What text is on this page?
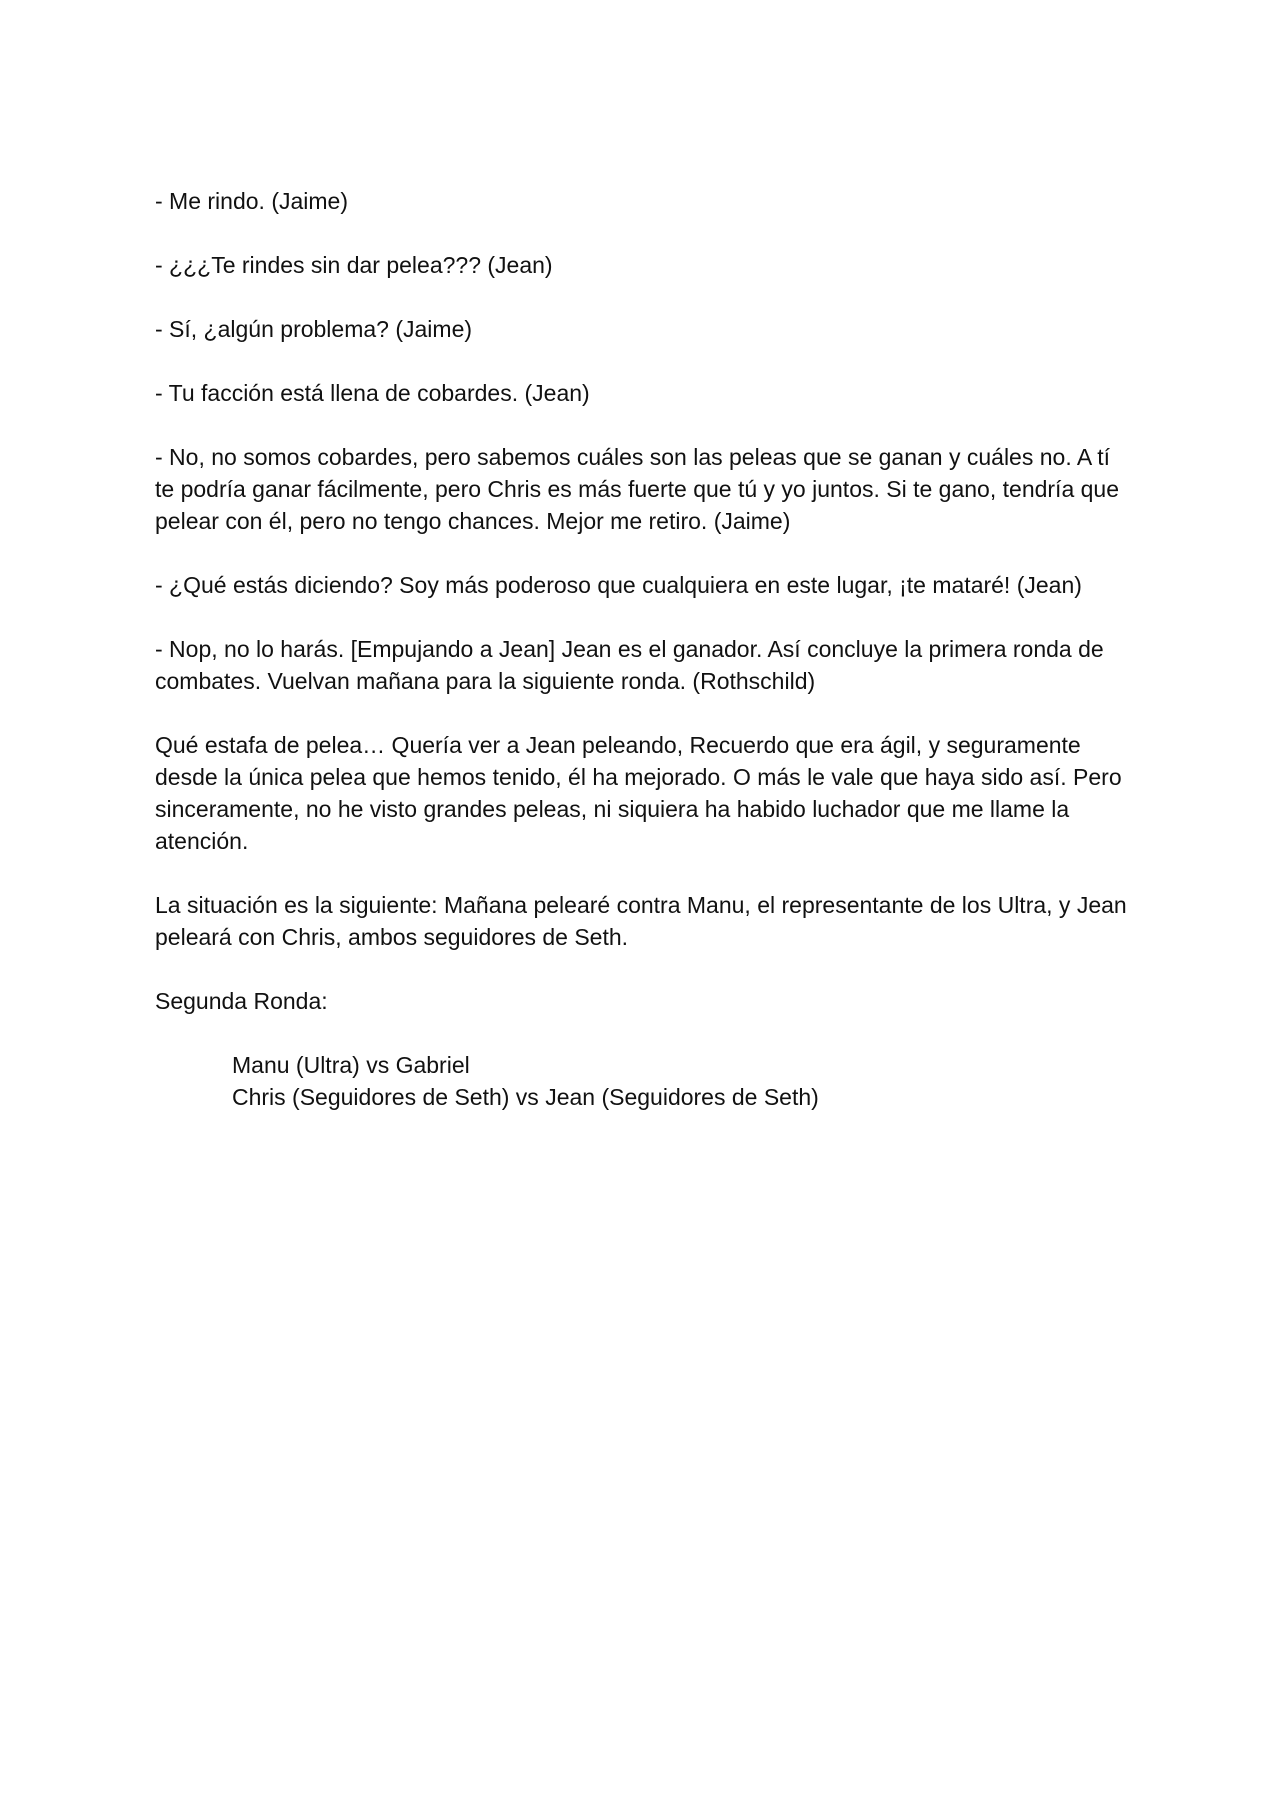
- Me rindo. (Jaime)

- ¿¿¿Te rindes sin dar pelea??? (Jean)

- Sí, ¿algún problema? (Jaime)

- Tu facción está llena de cobardes. (Jean)

- No, no somos cobardes, pero sabemos cuáles son las peleas que se ganan y cuáles no. A tí te podría ganar fácilmente, pero Chris es más fuerte que tú y yo juntos. Si te gano, tendría que pelear con él, pero no tengo chances. Mejor me retiro. (Jaime)

- ¿Qué estás diciendo? Soy más poderoso que cualquiera en este lugar, ¡te mataré! (Jean)

- Nop, no lo harás. [Empujando a Jean] Jean es el ganador. Así concluye la primera ronda de combates. Vuelvan mañana para la siguiente ronda. (Rothschild)

Qué estafa de pelea… Quería ver a Jean peleando, Recuerdo que era ágil, y seguramente desde la única pelea que hemos tenido, él ha mejorado. O más le vale que haya sido así. Pero sinceramente, no he visto grandes peleas, ni siquiera ha habido luchador que me llame la atención.

La situación es la siguiente: Mañana pelearé contra Manu, el representante de los Ultra, y Jean peleará con Chris, ambos seguidores de Seth.

Segunda Ronda:

Manu (Ultra) vs Gabriel
Chris (Seguidores de Seth) vs Jean (Seguidores de Seth)
